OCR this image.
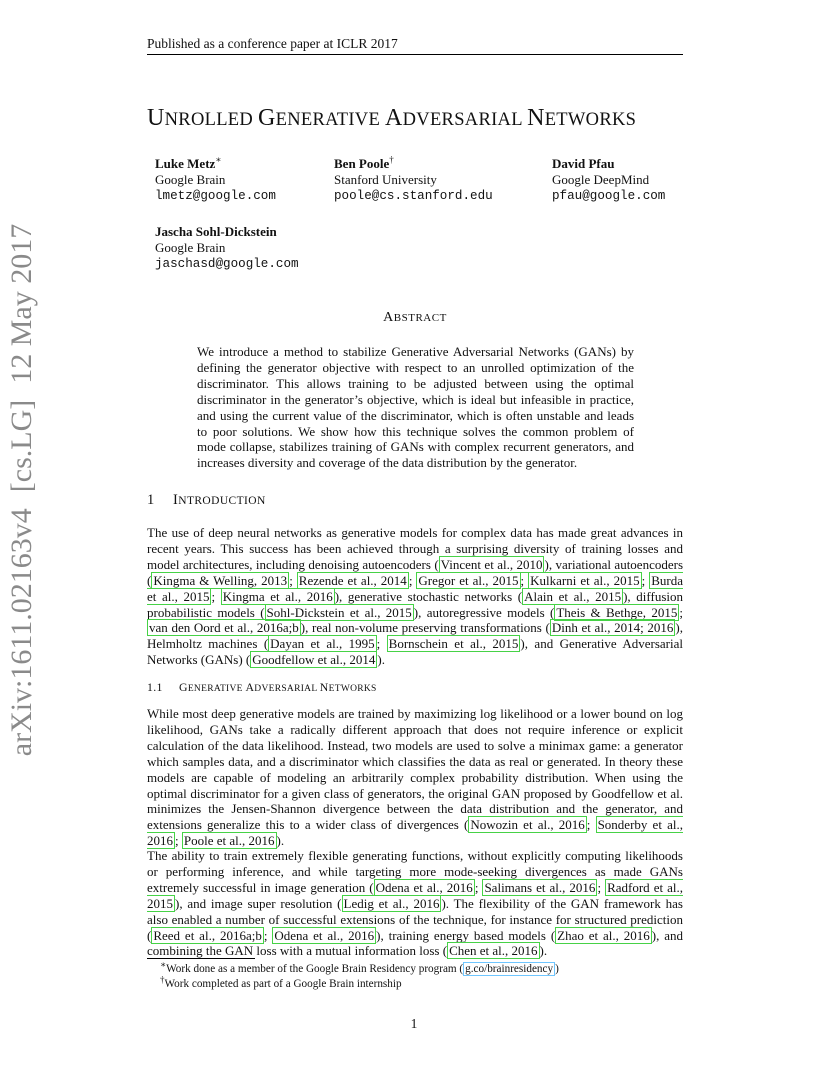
Published as a conference paper at ICLR 2017
UNROLLED GENERATIVE ADVERSARIAL NETWORKS
Luke Metz∗
Google Brain
lmetz@google.com
Ben Poole†
Stanford University
poole@cs.stanford.edu
David Pfau
Google DeepMind
pfau@google.com
Jascha Sohl-Dickstein
Google Brain
jaschasd@google.com
arXiv:1611.02163v4[cs.LG]12 May 2017	ABSTRACT
We introduce a method to stabilize Generative Adversarial Networks (GANs) by defining the generator objective with respect to an unrolled optimization of the discriminator. This allows training to be adjusted between using the optimal discriminator in the generator’s objective, which is ideal but infeasible in practice, and using the current value of the discriminator, which is often unstable and leads to poor solutions. We show how this technique solves the common problem of mode collapse, stabilizes training of GANs with complex recurrent generators, and increases diversity and coverage of the data distribution by the generator.
1 INTRODUCTION
The use of deep neural networks as generative models for complex data has made great advances in recent years. This success has been achieved through a surprising diversity of training losses and model architectures, including denoising autoencoders ( Vincent et al., 2010 ), variational autoencoders ( Kingma & Welling, 2013 ; Rezende et al., 2014 ; Gregor et al., 2015 ; Kulkarni et al., 2015 ; Burda et al., 2015 ; Kingma et al., 2016 ), generative stochastic networks ( Alain et al., 2015 ), diffusion probabilistic models ( Sohl-Dickstein et al., 2015 ), autoregressive models ( Theis & Bethge, 2015 ; van den Oord et al., 2016a;b ), real non-volume preserving transformations ( Dinh et al., 2014; 2016 ), Helmholtz machines ( Dayan et al., 1995 ; Bornschein et al., 2015 ), and Generative Adversarial Networks (GANs) ( Goodfellow et al., 2014 ).
1.1 GENERATIVE ADVERSARIAL NETWORKS
While most deep generative models are trained by maximizing log likelihood or a lower bound on log likelihood, GANs take a radically different approach that does not require inference or explicit calculation of the data likelihood. Instead, two models are used to solve a minimax game: a generator which samples data, and a discriminator which classifies the data as real or generated. In theory these models are capable of modeling an arbitrarily complex probability distribution. When using the optimal discriminator for a given class of generators, the original GAN proposed by Goodfellow et al. minimizes the Jensen-Shannon divergence between the data distribution and the generator, and extensions generalize this to a wider class of divergences ( Nowozin et al., 2016 ; Sonderby et al., 2016 ; Poole et al., 2016 ).
The ability to train extremely flexible generating functions, without explicitly computing likelihoods or performing inference, and while targeting more mode-seeking divergences as made GANs extremely successful in image generation ( Odena et al., 2016 ; Salimans et al., 2016 ; Radford et al., 2015 ), and image super resolution ( Ledig et al., 2016 ). The flexibility of the GAN framework has also enabled a number of successful extensions of the technique, for instance for structured prediction ( Reed et al., 2016a;b ; Odena et al., 2016 ), training energy based models ( Zhao et al., 2016 ), and combining the GAN loss with a mutual information loss ( Chen et al., 2016 ).
∗Work done as a member of the Google Brain Residency program ( g.co/brainresidency )
†Work completed as part of a Google Brain internship
1
